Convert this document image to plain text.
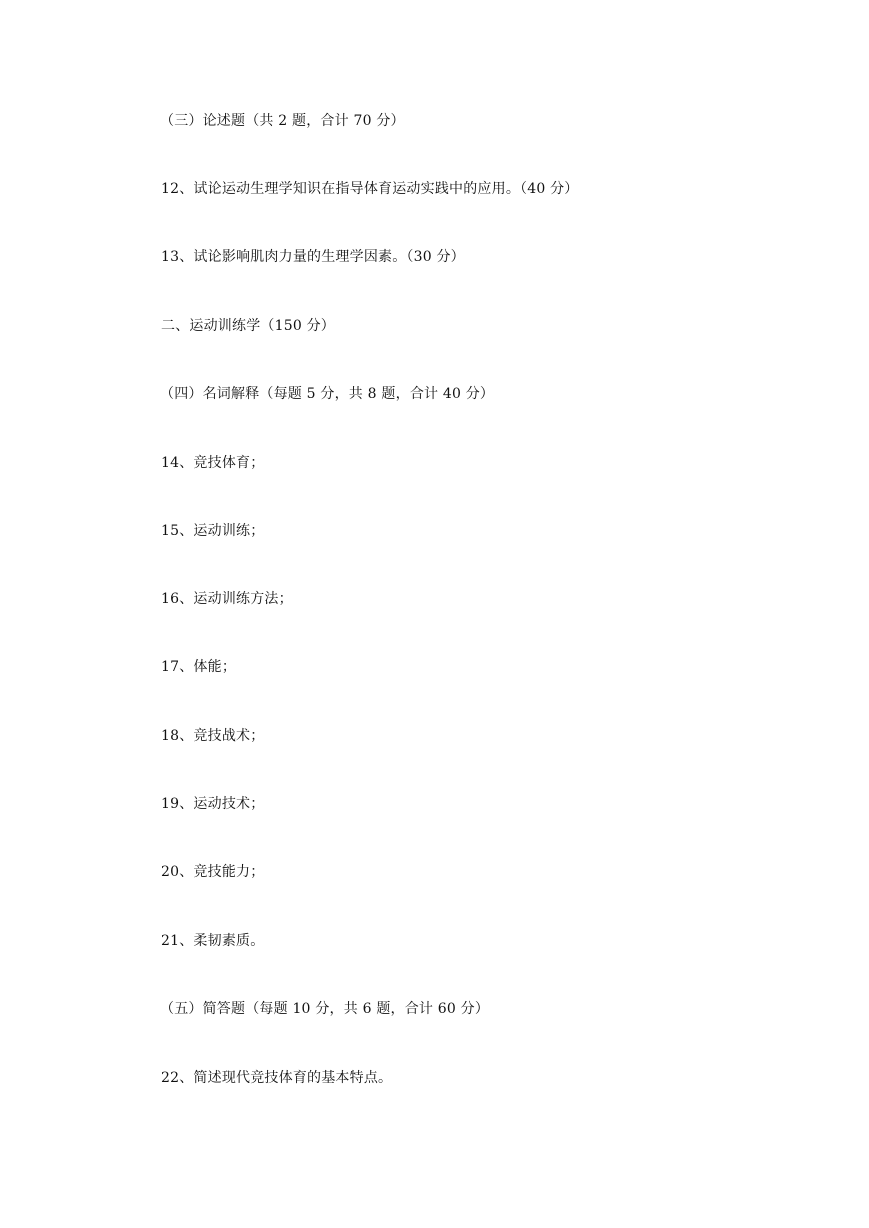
（三）论述题（共 2 题，合计 70 分）
12、试论运动生理学知识在指导体育运动实践中的应用。（40 分）
13、试论影响肌肉力量的生理学因素。（30 分）
二、运动训练学（150 分）
（四）名词解释（每题 5 分，共 8 题，合计 40 分）
14、竞技体育；
15、运动训练；
16、运动训练方法；
17、体能；
18、竞技战术；
19、运动技术；
20、竞技能力；
21、柔韧素质。
（五）简答题（每题 10 分，共 6 题，合计 60 分）
22、简述现代竞技体育的基本特点。
